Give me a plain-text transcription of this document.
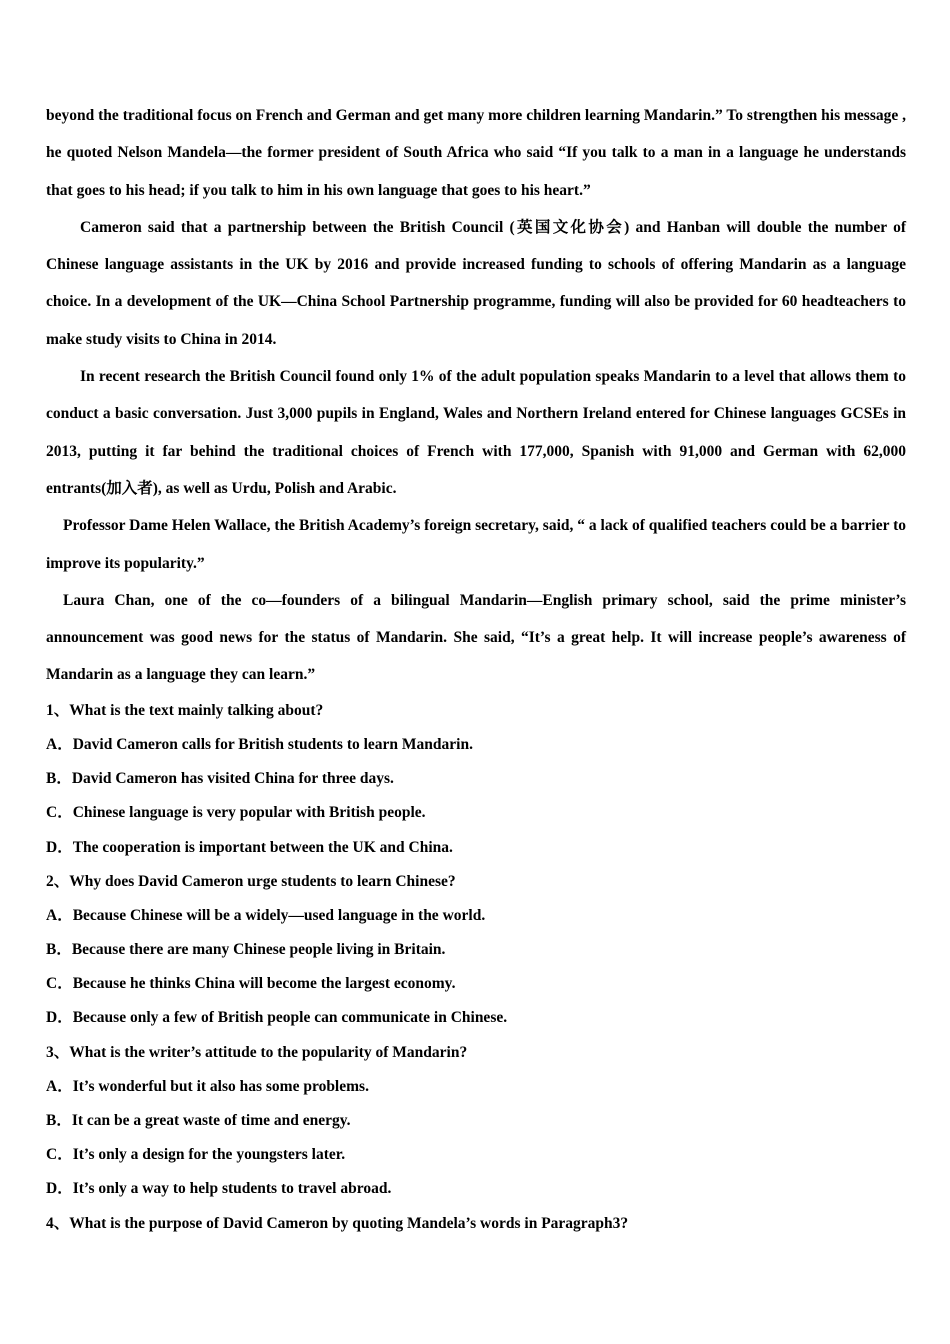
beyond the traditional focus on French and German and get many more children learning Mandarin.” To strengthen his message , he quoted Nelson Mandela—the former president of South Africa who said “If you talk to a man in a language he understands that goes to his head; if you talk to him in his own language that goes to his heart.”

Cameron said that a partnership between the British Council (英国文化协会) and Hanban will double the number of Chinese language assistants in the UK by 2016 and provide increased funding to schools of offering Mandarin as a language choice. In a development of the UK—China School Partnership programme, funding will also be provided for 60 headteachers to make study visits to China in 2014.

In recent research the British Council found only 1% of the adult population speaks Mandarin to a level that allows them to conduct a basic conversation. Just 3,000 pupils in England, Wales and Northern Ireland entered for Chinese languages GCSEs in 2013, putting it far behind the traditional choices of French with 177,000, Spanish with 91,000 and German with 62,000 entrants(加入者), as well as Urdu, Polish and Arabic.

Professor Dame Helen Wallace, the British Academy’s foreign secretary, said, “ a lack of qualified teachers could be a barrier to improve its popularity.”

Laura Chan, one of the co—founders of a bilingual Mandarin—English primary school, said the prime minister’s announcement was good news for the status of Mandarin. She said, “It’s a great help. It will increase people’s awareness of Mandarin as a language they can learn.”

1、What is the text mainly talking about?

A．David Cameron calls for British students to learn Mandarin.

B．David Cameron has visited China for three days.

C．Chinese language is very popular with British people.

D．The cooperation is important between the UK and China.

2、Why does David Cameron urge students to learn Chinese?

A．Because Chinese will be a widely—used language in the world.

B．Because there are many Chinese people living in Britain.

C．Because he thinks China will become the largest economy.

D．Because only a few of British people can communicate in Chinese.

3、What is the writer’s attitude to the popularity of Mandarin?

A．It’s wonderful but it also has some problems.

B．It can be a great waste of time and energy.

C．It’s only a design for the youngsters later.

D．It’s only a way to help students to travel abroad.

4、What is the purpose of David Cameron by quoting Mandela’s words in Paragraph3?
